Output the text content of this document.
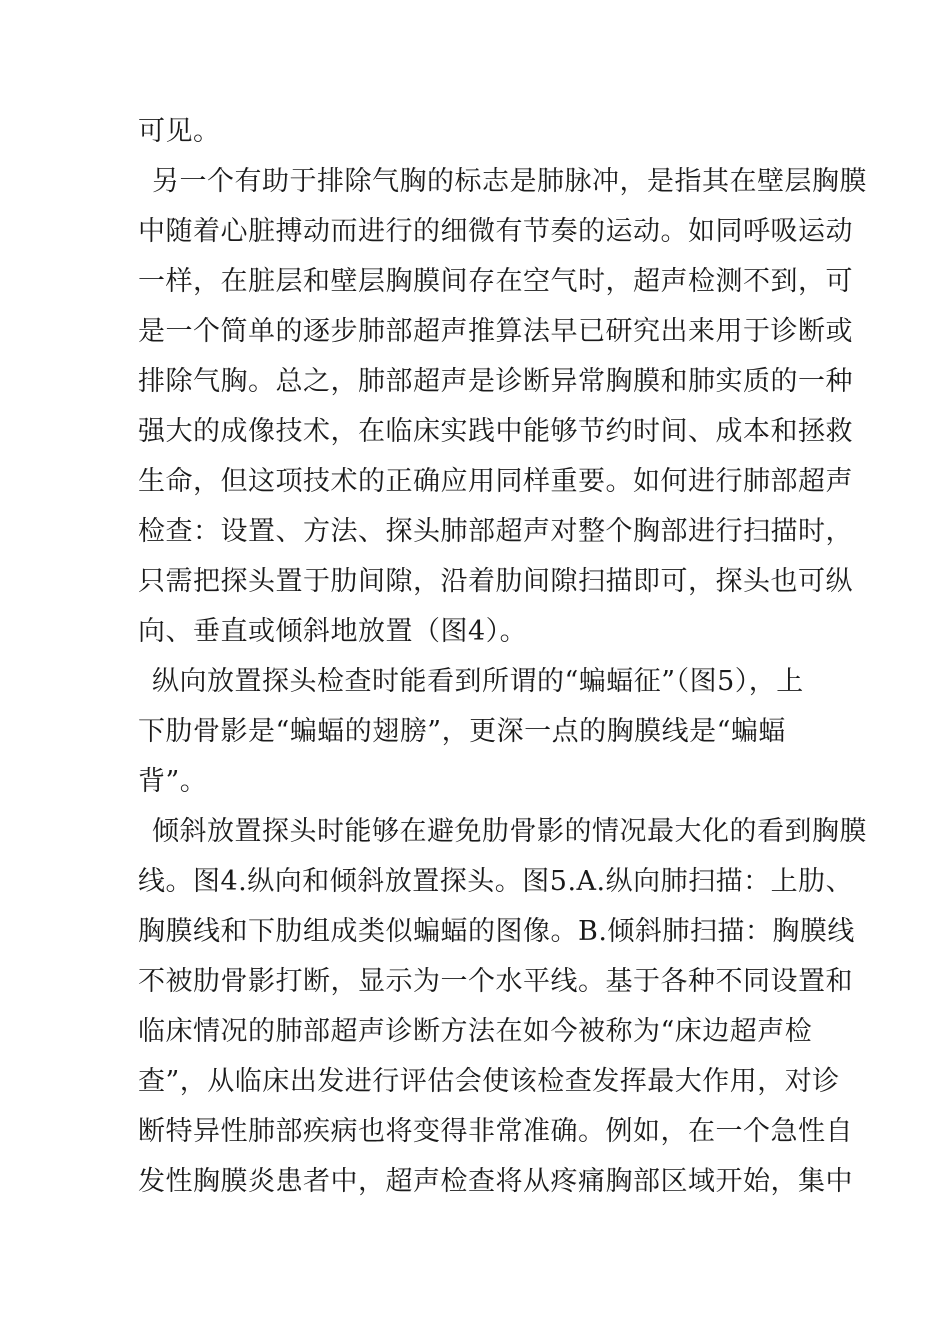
可见。
另一个有助于排除气胸的标志是肺脉冲，是指其在壁层胸膜
中随着心脏搏动而进行的细微有节奏的运动。如同呼吸运动
一样，在脏层和壁层胸膜间存在空气时，超声检测不到，可
是一个简单的逐步肺部超声推算法早已研究出来用于诊断或
排除气胸。总之，肺部超声是诊断异常胸膜和肺实质的一种
强大的成像技术，在临床实践中能够节约时间、成本和拯救
生命，但这项技术的正确应用同样重要。如何进行肺部超声
检查：设置、方法、探头肺部超声对整个胸部进行扫描时，
只需把探头置于肋间隙，沿着肋间隙扫描即可，探头也可纵
向、垂直或倾斜地放置（图4）。
纵向放置探头检查时能看到所谓的“蝙蝠征”（图5），上
下肋骨影是“蝙蝠的翅膀”，更深一点的胸膜线是“蝙蝠
背”。
倾斜放置探头时能够在避免肋骨影的情况最大化的看到胸膜
线。图4.纵向和倾斜放置探头。图5.A.纵向肺扫描：上肋、
胸膜线和下肋组成类似蝙蝠的图像。B.倾斜肺扫描：胸膜线
不被肋骨影打断，显示为一个水平线。基于各种不同设置和
临床情况的肺部超声诊断方法在如今被称为“床边超声检
查”，从临床出发进行评估会使该检查发挥最大作用，对诊
断特异性肺部疾病也将变得非常准确。例如，在一个急性自
发性胸膜炎患者中，超声检查将从疼痛胸部区域开始，集中
